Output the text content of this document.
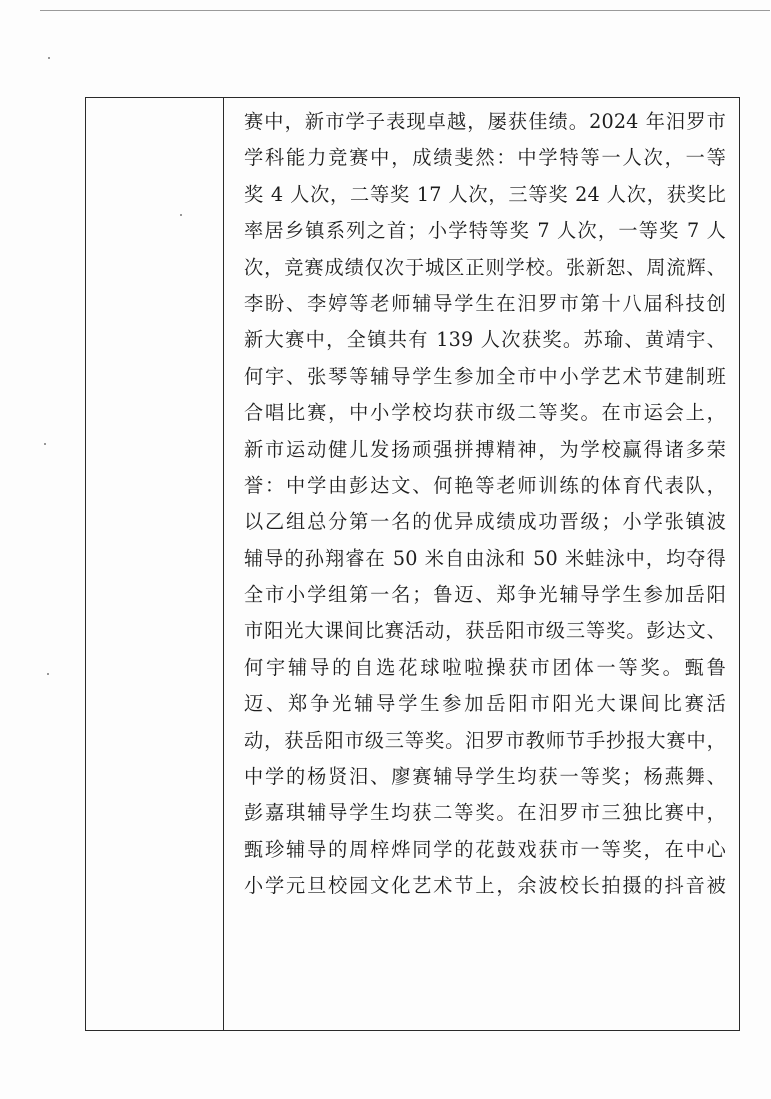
赛中，新市学子表现卓越，屡获佳绩。2024 年汨罗市
学科能力竞赛中，成绩斐然：中学特等一人次，一等
奖 4 人次，二等奖 17 人次，三等奖 24 人次，获奖比
率居乡镇系列之首；小学特等奖 7 人次，一等奖 7 人
次，竞赛成绩仅次于城区正则学校。张新恕、周流辉、
李盼、李婷等老师辅导学生在汨罗市第十八届科技创
新大赛中，全镇共有 139 人次获奖。苏瑜、黄靖宇、
何宇、张琴等辅导学生参加全市中小学艺术节建制班
合唱比赛，中小学校均获市级二等奖。在市运会上，
新市运动健儿发扬顽强拼搏精神，为学校赢得诸多荣
誉：中学由彭达文、何艳等老师训练的体育代表队，
以乙组总分第一名的优异成绩成功晋级；小学张镇波
辅导的孙翔睿在 50 米自由泳和 50 米蛙泳中，均夺得
全市小学组第一名；鲁迈、郑争光辅导学生参加岳阳
市阳光大课间比赛活动，获岳阳市级三等奖。彭达文、
何宇辅导的自选花球啦啦操获市团体一等奖。甄鲁
迈、郑争光辅导学生参加岳阳市阳光大课间比赛活
动，获岳阳市级三等奖。汨罗市教师节手抄报大赛中，
中学的杨贤汨、廖赛辅导学生均获一等奖；杨燕舞、
彭嘉琪辅导学生均获二等奖。在汨罗市三独比赛中，
甄珍辅导的周梓烨同学的花鼓戏获市一等奖，在中心
小学元旦校园文化艺术节上，余波校长拍摄的抖音被
